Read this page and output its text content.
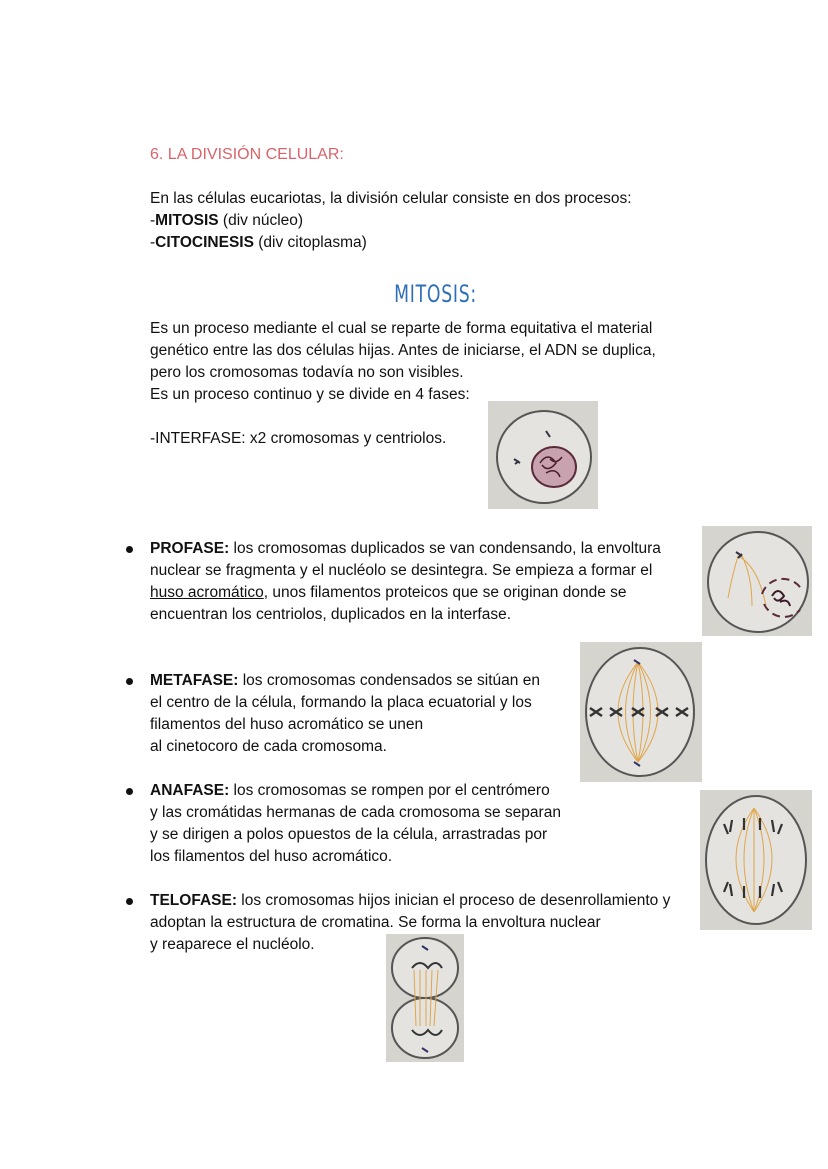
6. LA DIVISIÓN CELULAR:
En las células eucariotas, la división celular consiste en dos procesos:
-MITOSIS (div núcleo)
-CITOCINESIS (div citoplasma)
MITOSIS:
Es un proceso mediante el cual se reparte de forma equitativa el material
genético entre las dos células hijas. Antes de iniciarse, el ADN se duplica,
pero los cromosomas todavía no son visibles.
Es un proceso continuo y se divide en 4 fases:
-INTERFASE: x2 cromosomas y centriolos.
PROFASE: los cromosomas duplicados se van condensando, la envoltura
nuclear se fragmenta y el nucléolo se desintegra. Se empieza a formar el
huso acromático, unos filamentos proteicos que se originan donde se
encuentran los centriolos, duplicados en la interfase.
METAFASE: los cromosomas condensados se sitúan en
el centro de la célula, formando la placa ecuatorial y los
filamentos del huso acromático se unen
al cinetocoro de cada cromosoma.
ANAFASE: los cromosomas se rompen por el centrómero
y las cromátidas hermanas de cada cromosoma se separan
y se dirigen a polos opuestos de la célula, arrastradas por
los filamentos del huso acromático.
TELOFASE: los cromosomas hijos inician el proceso de desenrollamiento y
adoptan la estructura de cromatina. Se forma la envoltura nuclear
y reaparece el nucléolo.
